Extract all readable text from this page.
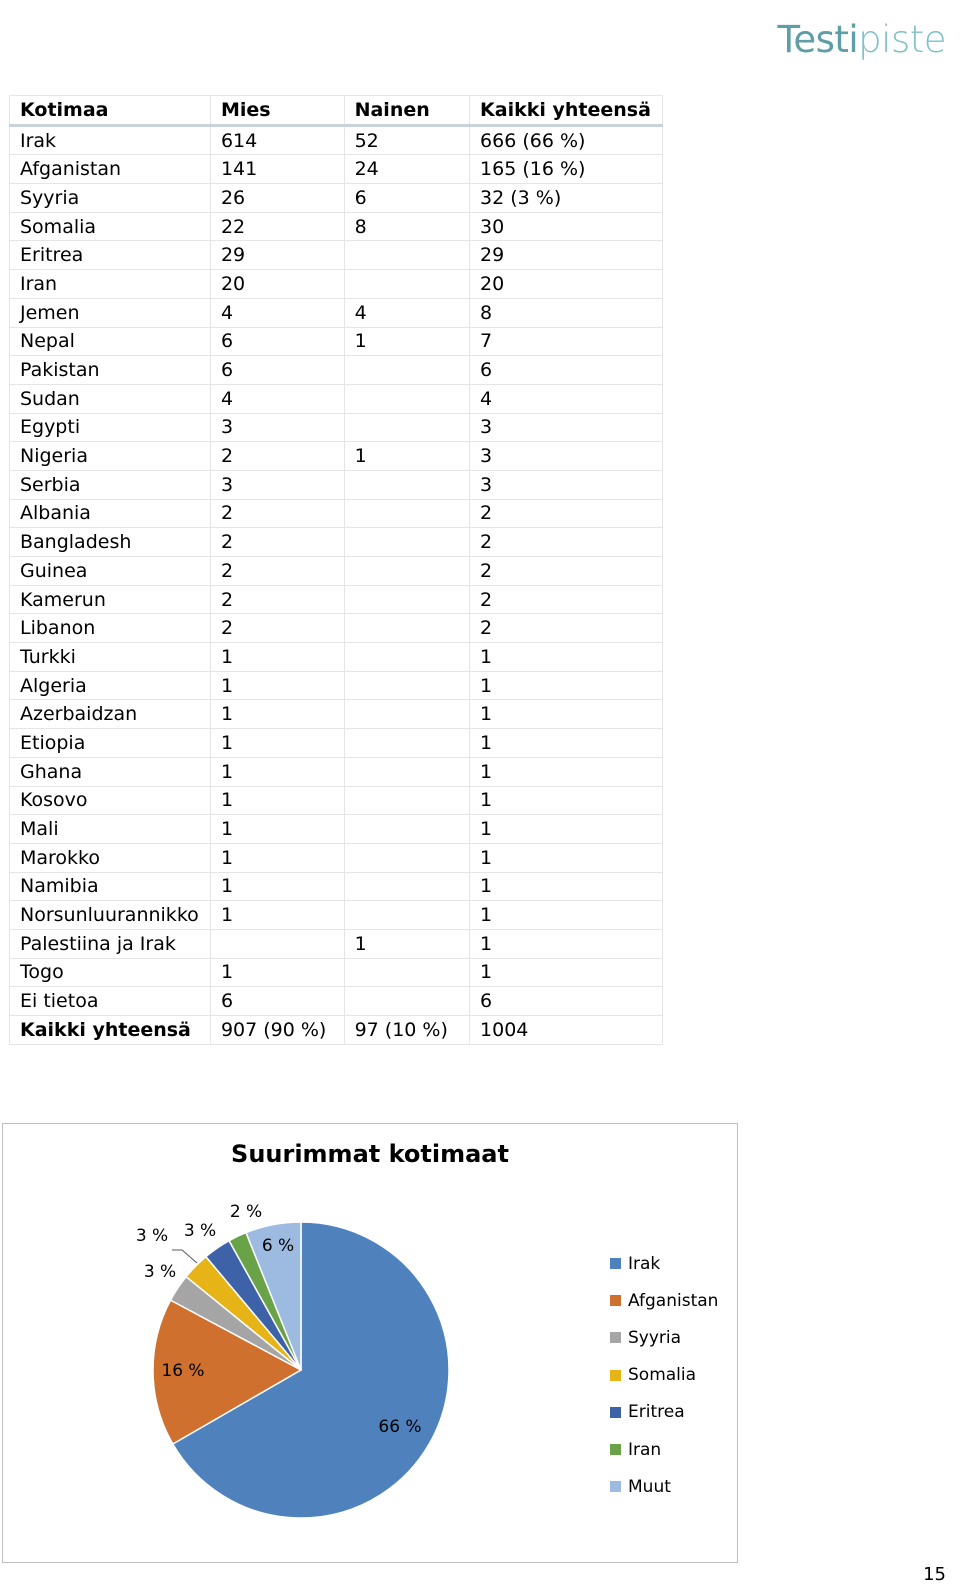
Testipiste
Kotimaa	Mies	Nainen	Kaikki yhteensä
Irak	614	52	666 (66 %)
Afganistan	141	24	165 (16 %)
Syyria	26	6	32 (3 %)
Somalia	22	8	30
Eritrea	29		29
Iran	20		20
Jemen	4	4	8
Nepal	6	1	7
Pakistan	6		6
Sudan	4		4
Egypti	3		3
Nigeria	2	1	3
Serbia	3		3
Albania	2		2
Bangladesh	2		2
Guinea	2		2
Kamerun	2		2
Libanon	2		2
Turkki	1		1
Algeria	1		1
Azerbaidzan	1		1
Etiopia	1		1
Ghana	1		1
Kosovo	1		1
Mali	1		1
Marokko	1		1
Namibia	1		1
Norsunluurannikko	1		1
Palestiina ja Irak		1	1
Togo	1		1
Ei tietoa	6		6
Kaikki yhteensä	907 (90 %)	97 (10 %)	1004
Suurimmat kotimaat
66 %
16 %
3 %
3 % 3 %
2 %
6 %
Irak
Afganistan
Syyria
Somalia
Eritrea
Iran
Muut
15
